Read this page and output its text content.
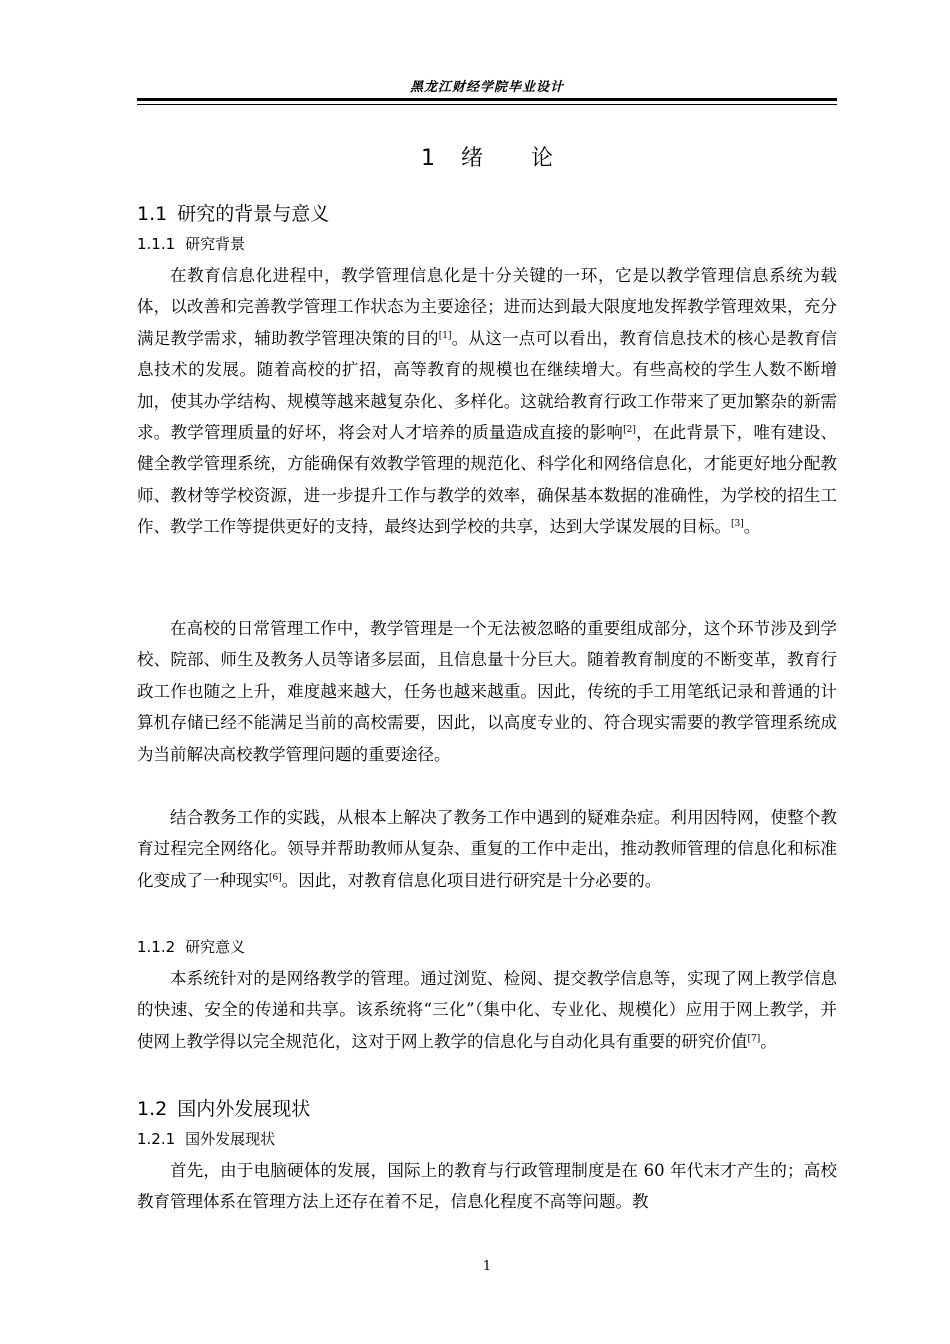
黑龙江财经学院毕业设计
1 绪 论
1.1 研究的背景与意义
1.1.1 研究背景

在教育信息化进程中，教学管理信息化是十分关键的一环，它是以教学管理信息系统为载体，以改善和完善教学管理工作状态为主要途径；进而达到最大限度地发挥教学管理效果，充分满足教学需求，辅助教学管理决策的目的[1]。从这一点可以看出，教育信息技术的核心是教育信息技术的发展。随着高校的扩招，高等教育的规模也在继续增大。有些高校的学生人数不断增加，使其办学结构、规模等越来越复杂化、多样化。这就给教育行政工作带来了更加繁杂的新需求。教学管理质量的好坏，将会对人才培养的质量造成直接的影响[2]，在此背景下，唯有建设、健全教学管理系统，方能确保有效教学管理的规范化、科学化和网络信息化，才能更好地分配教师、教材等学校资源，进一步提升工作与教学的效率，确保基本数据的准确性，为学校的招生工作、教学工作等提供更好的支持，最终达到学校的共享，达到大学谋发展的目标。[3]。

在高校的日常管理工作中，教学管理是一个无法被忽略的重要组成部分，这个环节涉及到学校、院部、师生及教务人员等诸多层面，且信息量十分巨大。随着教育制度的不断变革，教育行政工作也随之上升，难度越来越大，任务也越来越重。因此，传统的手工用笔纸记录和普通的计算机存储已经不能满足当前的高校需要，因此，以高度专业的、符合现实需要的教学管理系统成为当前解决高校教学管理问题的重要途径。

结合教务工作的实践，从根本上解决了教务工作中遇到的疑难杂症。利用因特网，使整个教育过程完全网络化。领导并帮助教师从复杂、重复的工作中走出，推动教师管理的信息化和标准化变成了一种现实[6]。因此，对教育信息化项目进行研究是十分必要的。

1.1.2 研究意义

本系统针对的是网络教学的管理。通过浏览、检阅、提交教学信息等，实现了网上教学信息的快速、安全的传递和共享。该系统将“三化”（集中化、专业化、规模化）应用于网上教学，并使网上教学得以完全规范化，这对于网上教学的信息化与自动化具有重要的研究价值[7]。

1.2 国内外发展现状
1.2.1 国外发展现状

首先，由于电脑硬体的发展，国际上的教育与行政管理制度是在 60 年代末才产生的；高校教育管理体系在管理方法上还存在着不足，信息化程度不高等问题。教

1
